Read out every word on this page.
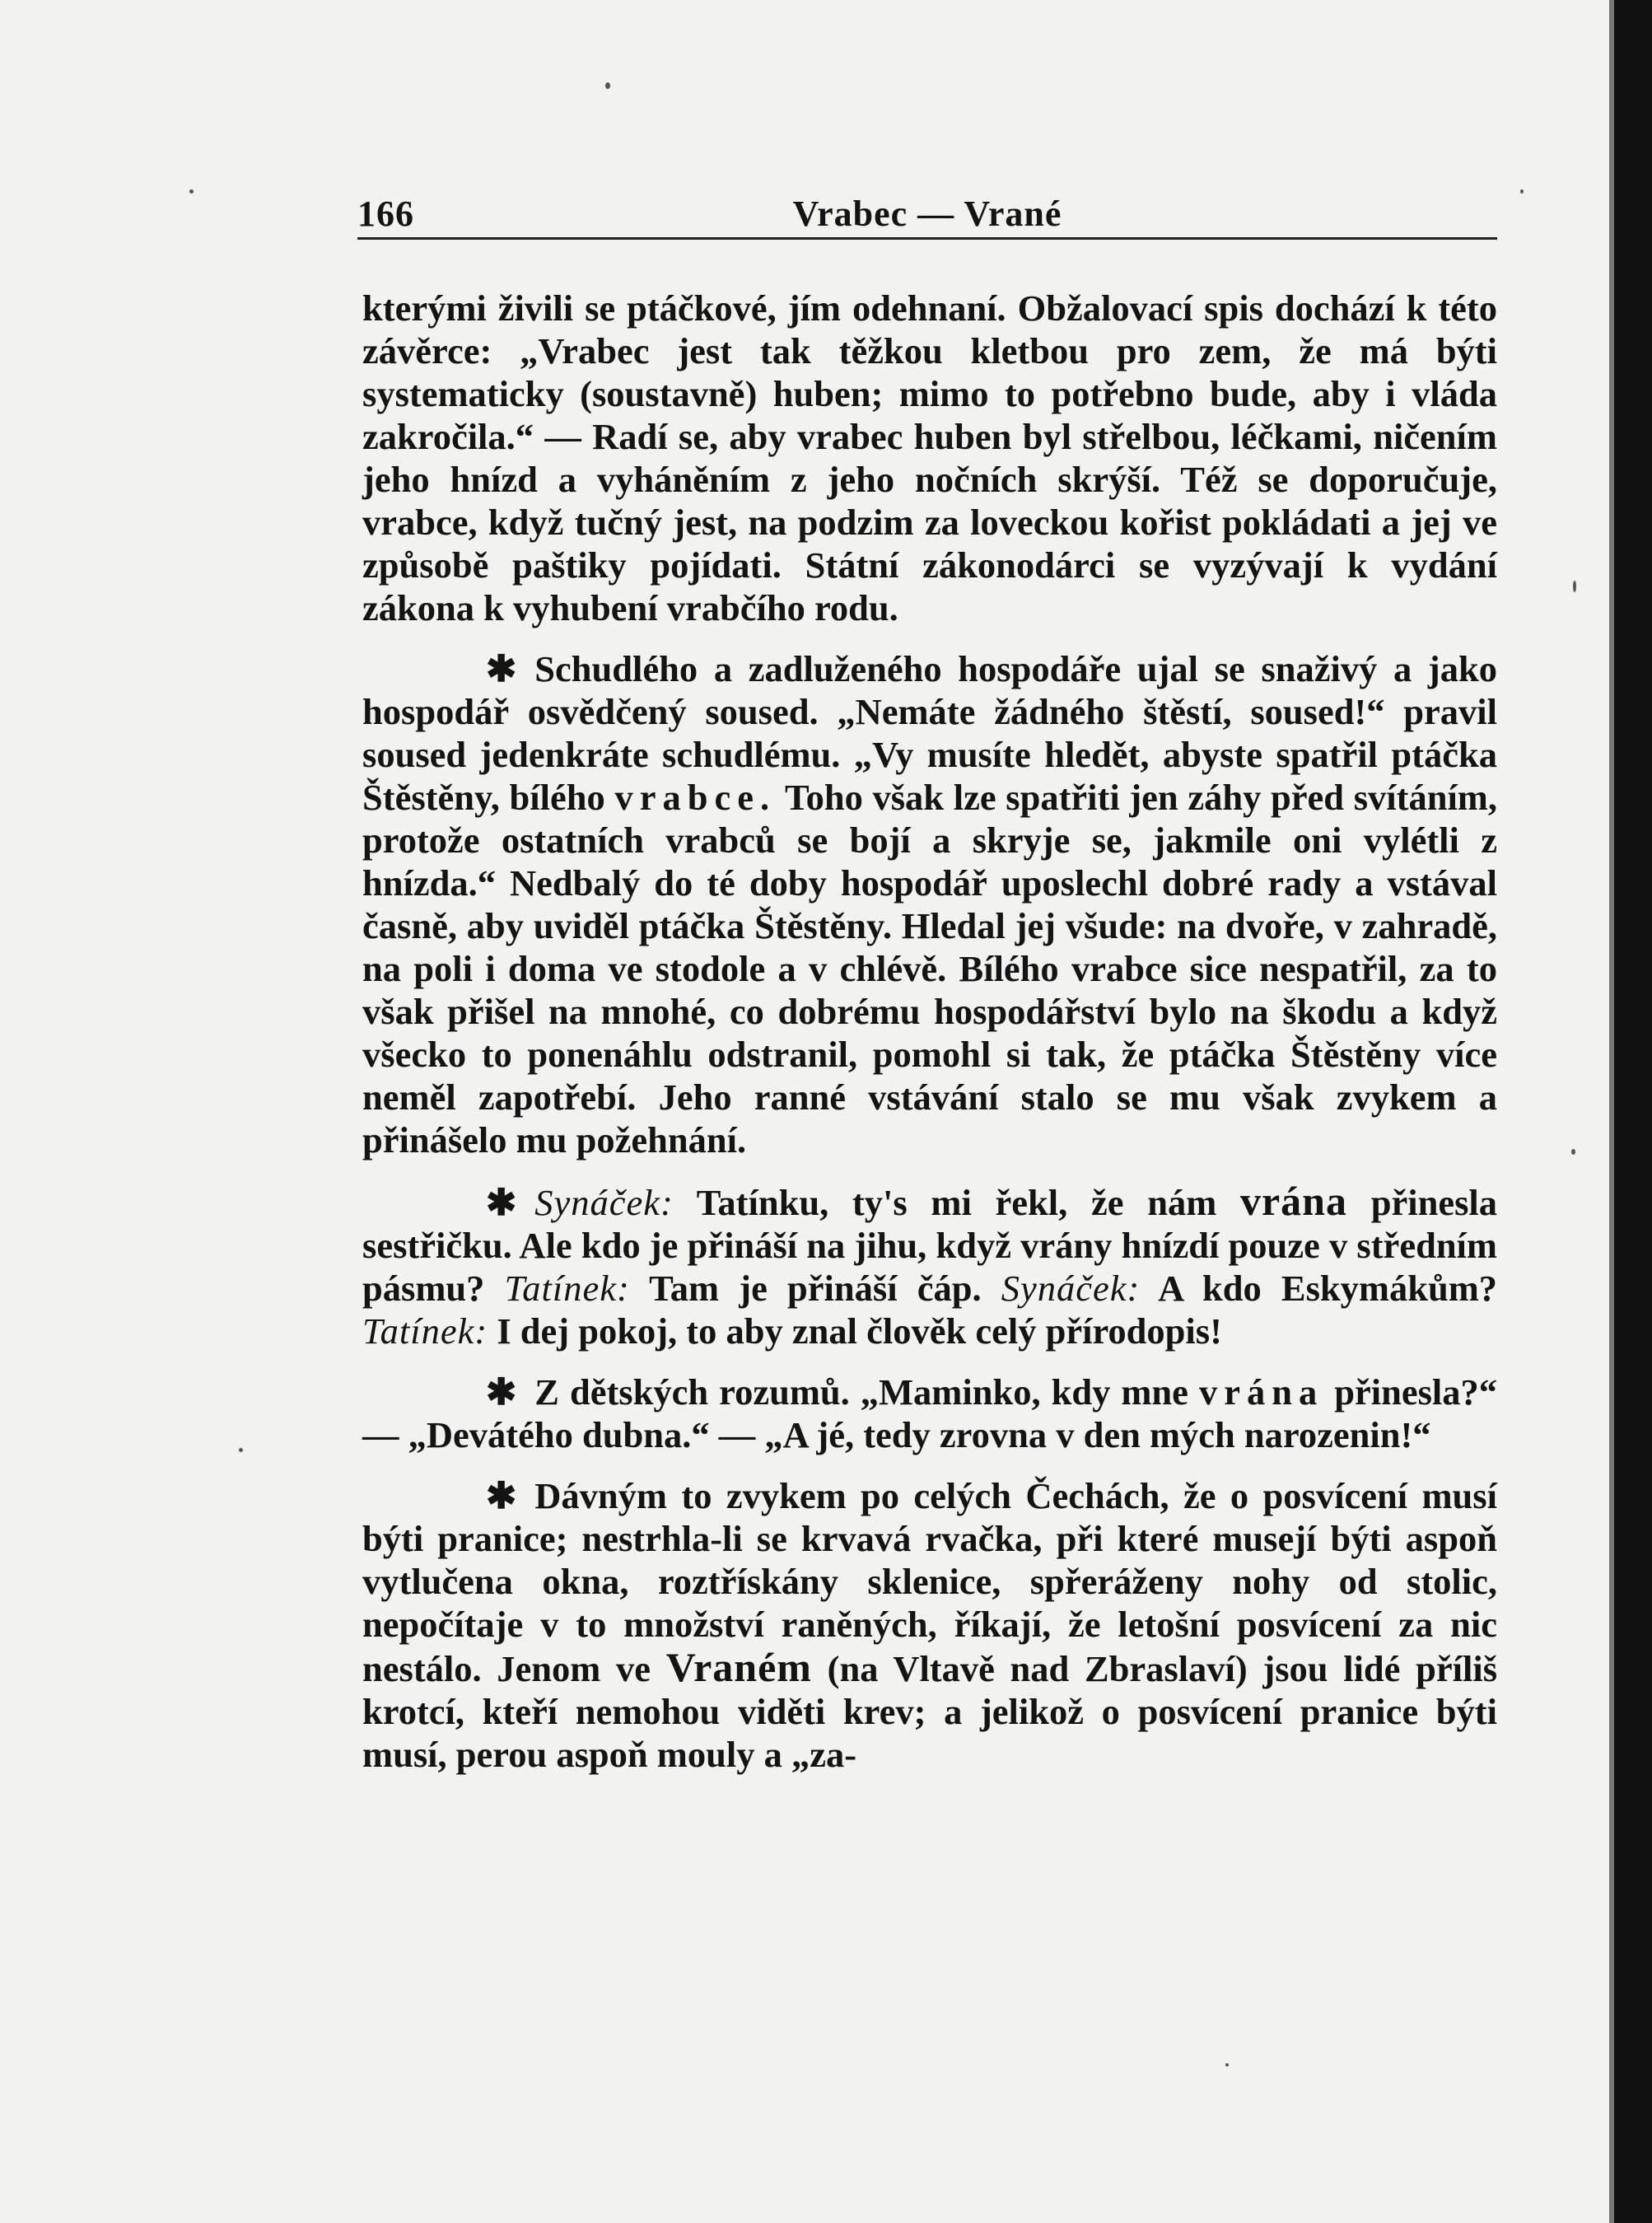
166	Vrabec — Vrané

kterými živili se ptáčkové, jím odehnaní. Obžalovací spis dochází k této závěrce: „Vrabec jest tak těžkou kletbou pro zem, že má býti systematicky (soustavně) huben; mimo to potřebno bude, aby i vláda zakročila.“ — Radí se, aby vrabec huben byl střelbou, léčkami, ničením jeho hnízd a vyháněním z jeho nočních skrýší. Též se doporučuje, vrabce, když tučný jest, na podzim za loveckou kořist pokládati a jej ve způsobě paštiky pojídati. Státní zákonodárci se vyzývají k vydání zákona k vyhubení vrabčího rodu.

✱ Schudlého a zadluženého hospodáře ujal se snaživý a jako hospodář osvědčený soused. „Nemáte žádného štěstí, soused!“ pravil soused jedenkráte schudlému. „Vy musíte hledět, abyste spatřil ptáčka Štěstěny, bílého vrabce. Toho však lze spatřiti jen záhy před svítáním, protože ostatních vrabců se bojí a skryje se, jakmile oni vylétli z hnízda.“ Nedbalý do té doby hospodář uposlechl dobré rady a vstával časně, aby uviděl ptáčka Štěstěny. Hledal jej všude: na dvoře, v zahradě, na poli i doma ve stodole a v chlévě. Bílého vrabce sice nespatřil, za to však přišel na mnohé, co dobrému hospodářství bylo na škodu a když všecko to ponenáhlu odstranil, pomohl si tak, že ptáčka Štěstěny více neměl zapotřebí. Jeho ranné vstávání stalo se mu však zvykem a přinášelo mu požehnání.

✱ Synáček: Tatínku, ty's mi řekl, že nám vrána přinesla sestřičku. Ale kdo je přináší na jihu, když vrány hnízdí pouze v středním pásmu? Tatínek: Tam je přináší čáp. Synáček: A kdo Eskymákům? Tatínek: I dej pokoj, to aby znal člověk celý přírodopis!

✱ Z dětských rozumů. „Maminko, kdy mne vrána přinesla?“ — „Devátého dubna.“ — „A jé, tedy zrovna v den mých narozenin!“

✱ Dávným to zvykem po celých Čechách, že o posvícení musí býti pranice; nestrhla-li se krvavá rvačka, při které musejí býti aspoň vytlučena okna, roztřískány sklenice, spřeráženy nohy od stolic, nepočítaje v to množství raněných, říkají, že letošní posvícení za nic nestálo. Jenom ve Vraném (na Vltavě nad Zbraslaví) jsou lidé příliš krotcí, kteří nemohou viděti krev; a jelikož o posvícení pranice býti musí, perou aspoň mouly a „za-
